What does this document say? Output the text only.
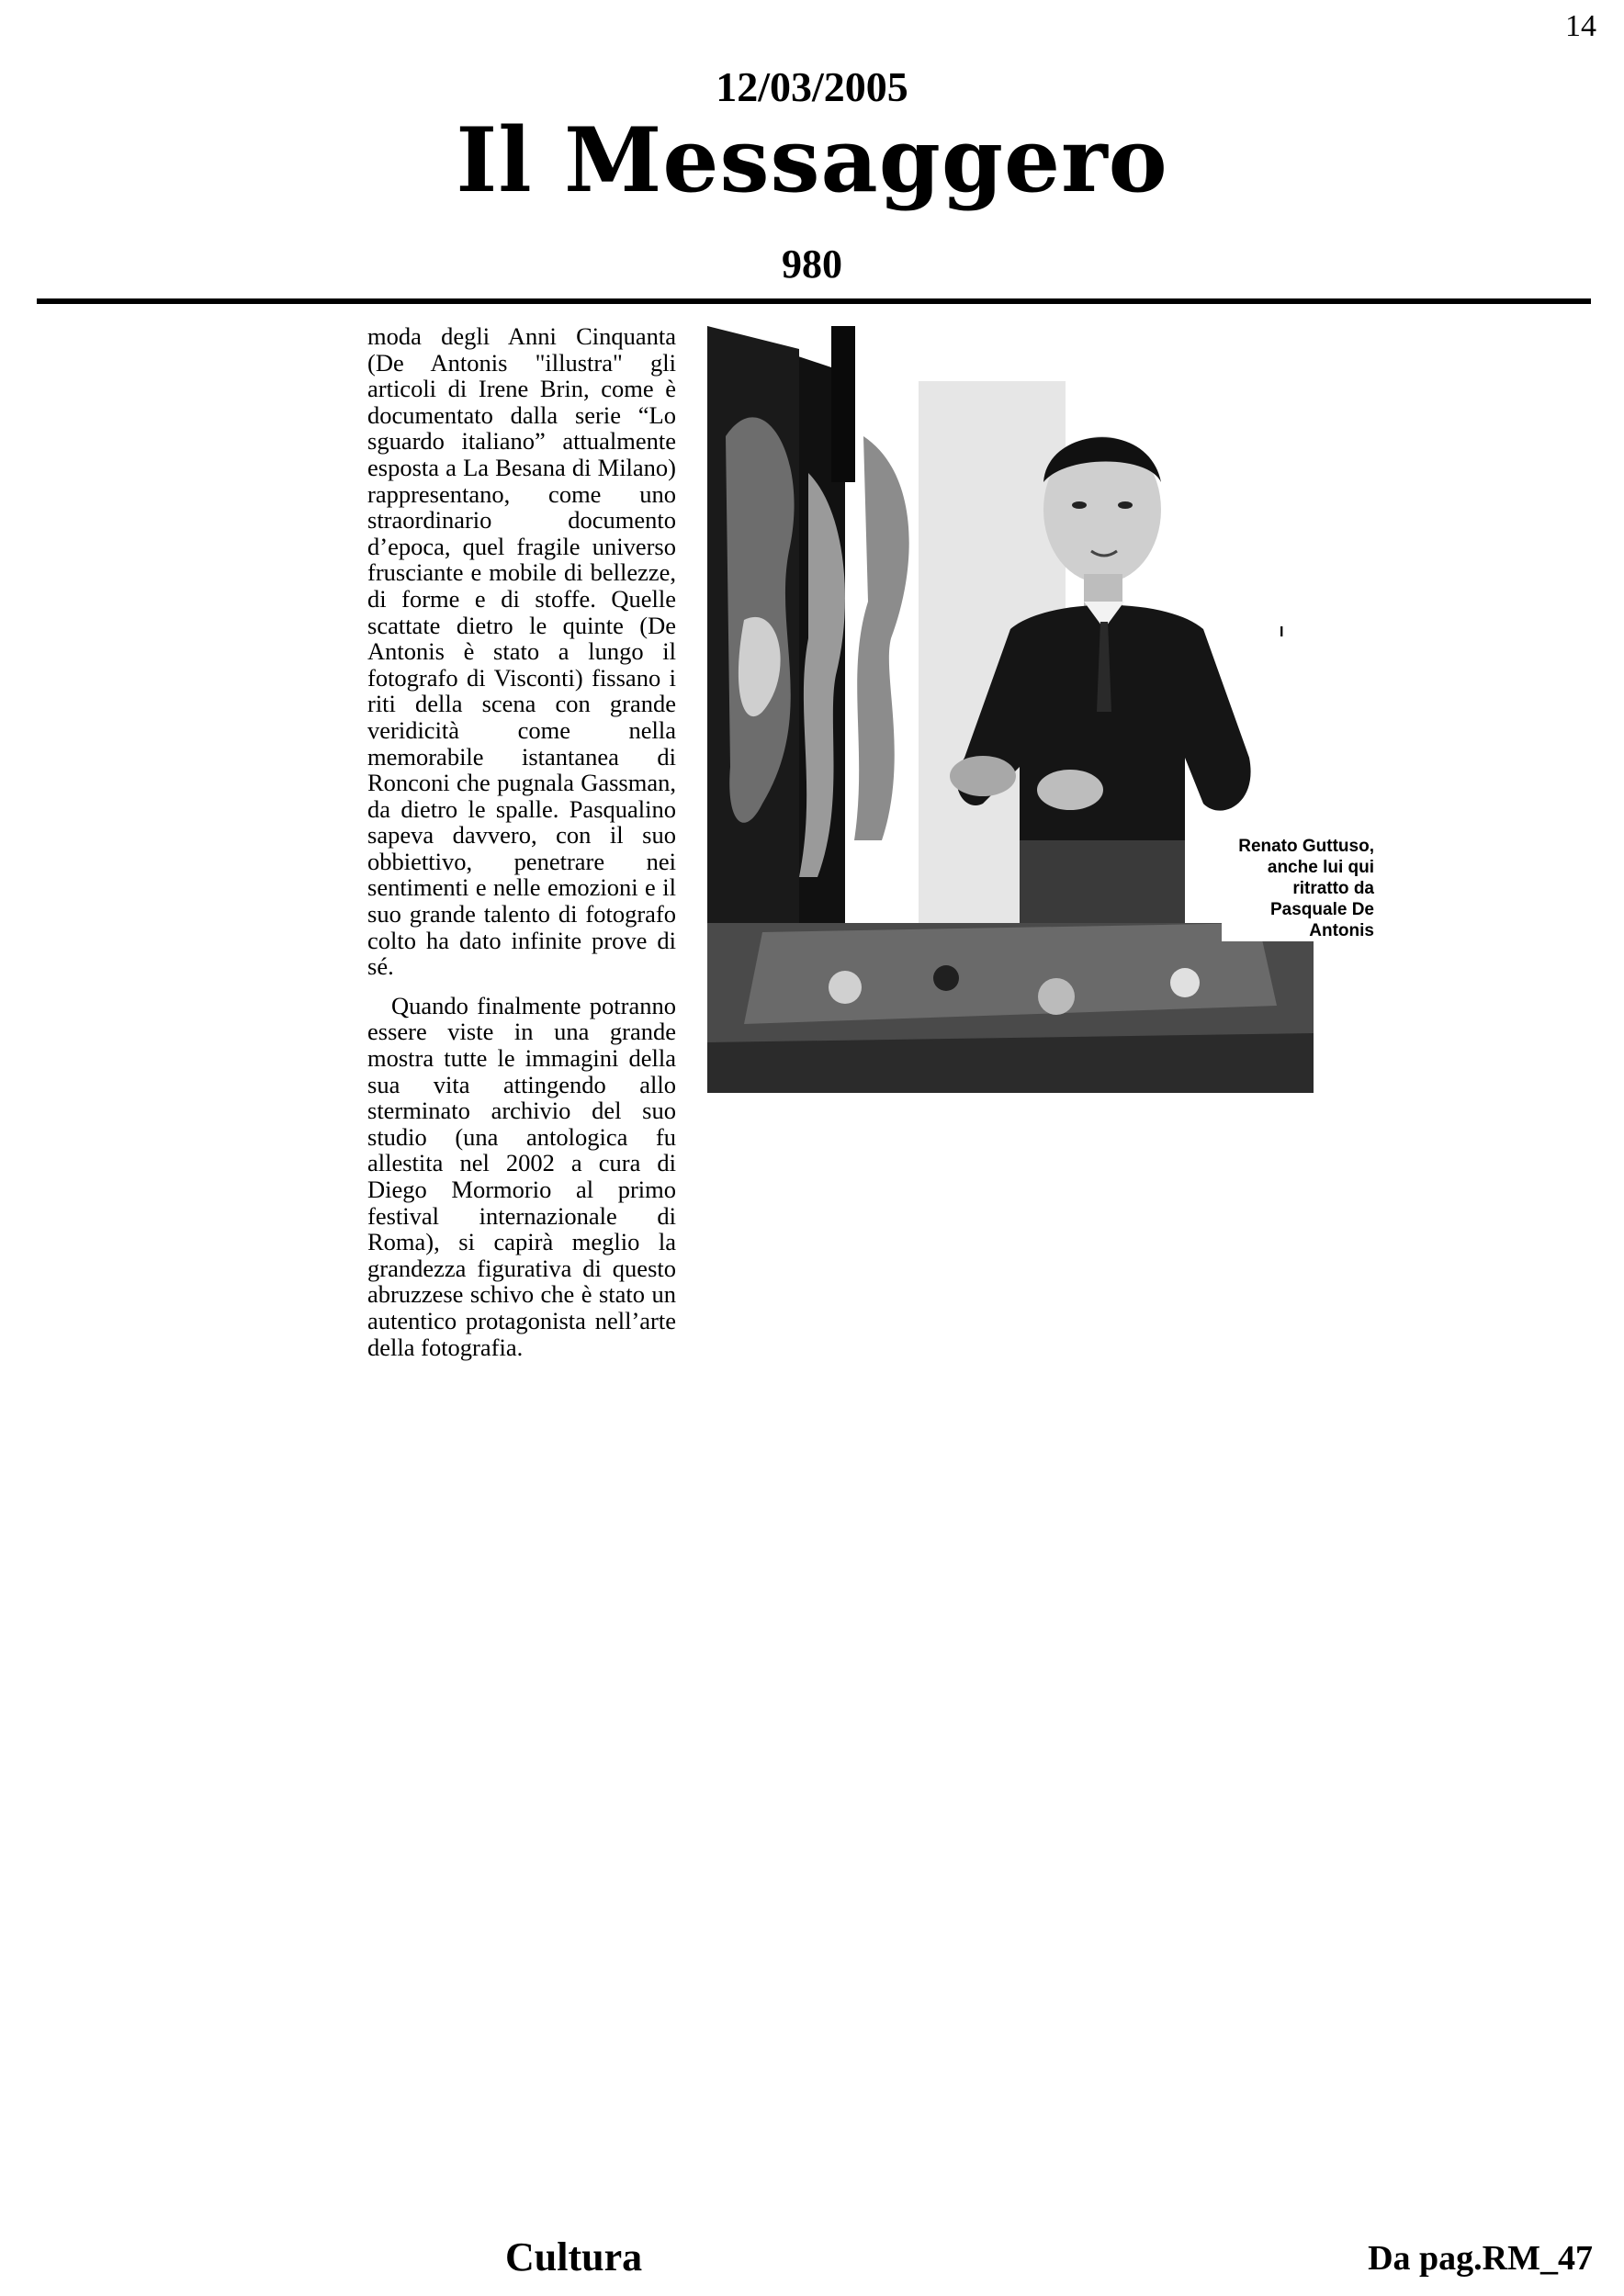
14
12/03/2005
Il Messaggero
980

moda degli Anni Cinquanta (De Antonis "illustra" gli articoli di Irene Brin, come è documentato dalla serie “Lo sguardo italiano” attualmente esposta a La Besana di Milano) rappresentano, come uno straordinario documento d’epoca, quel fragile universo frusciante e mobile di bellezze, di forme e di stoffe. Quelle scattate dietro le quinte (De Antonis è stato a lungo il fotografo di Visconti) fissano i riti della scena con grande veridicità come nella memorabile istantanea di Ronconi che pugnala Gassman, da dietro le spalle. Pasqualino sapeva davvero, con il suo obbiettivo, penetrare nei sentimenti e nelle emozioni e il suo grande talento di fotografo colto ha dato infinite prove di sé.

Quando finalmente potranno essere viste in una grande mostra tutte le immagini della sua vita attingendo allo sterminato archivio del suo studio (una antologica fu allestita nel 2002 a cura di Diego Mormorio al primo festival internazionale di Roma), si capirà meglio la grandezza figurativa di questo abruzzese schivo che è stato un autentico protagonista nell’arte della fotografia.

I
Renato Guttuso, anche lui qui ritratto da Pasquale De Antonis
Cultura	Da pag.RM_47
